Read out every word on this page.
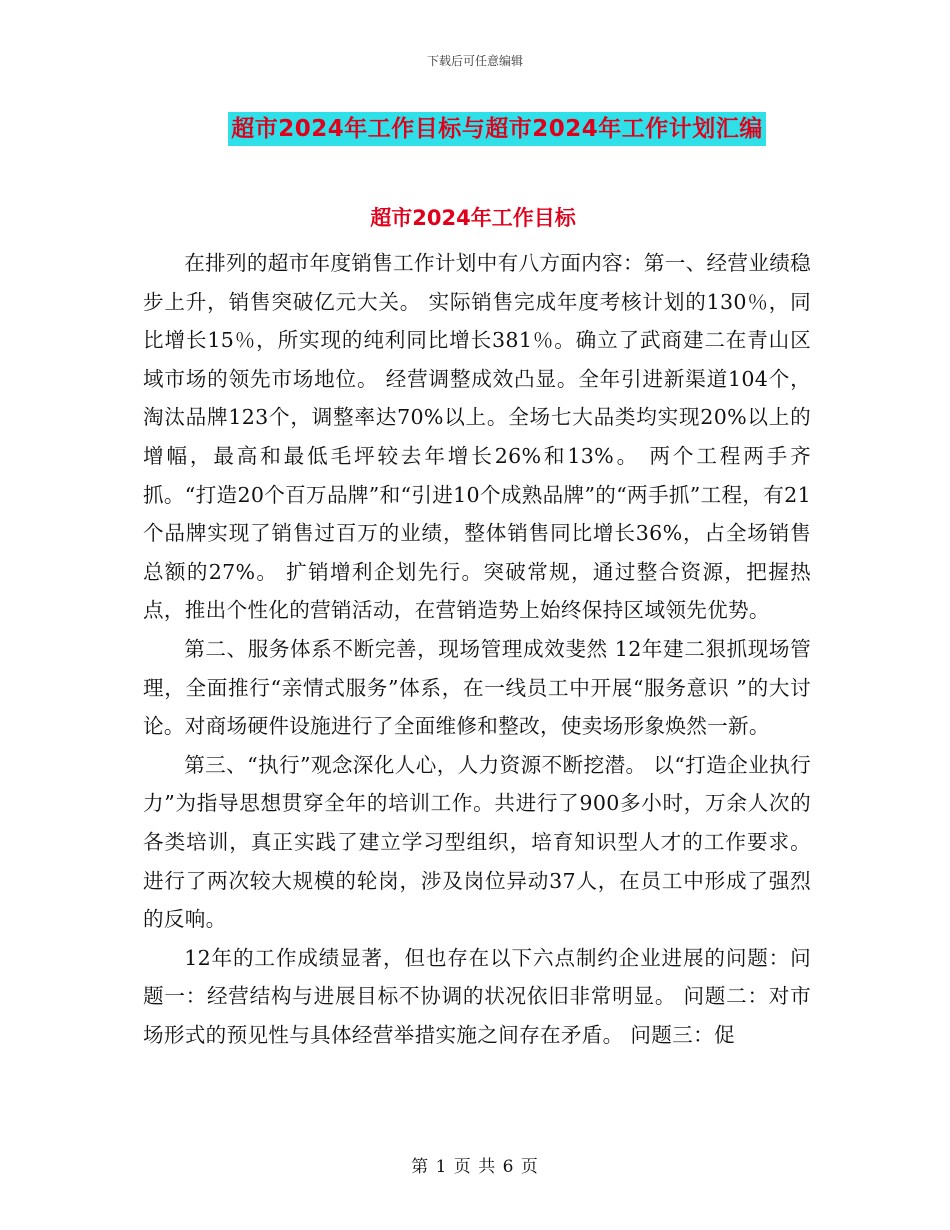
下载后可任意编辑
超市2024年工作目标与超市2024年工作计划汇编
超市2024年工作目标

在排列的超市年度销售工作计划中有八方面内容：第一、经营业绩稳步上升，销售突破亿元大关。 实际销售完成年度考核计划的130％，同比增长15％，所实现的纯利同比增长381％。确立了武商建二在青山区域市场的领先市场地位。 经营调整成效凸显。全年引进新渠道104个，淘汰品牌123个，调整率达70%以上。全场七大品类均实现20%以上的增幅，最高和最低毛坪较去年增长26%和13%。 两个工程两手齐抓。“打造20个百万品牌”和“引进10个成熟品牌”的“两手抓”工程，有21个品牌实现了销售过百万的业绩，整体销售同比增长36%，占全场销售总额的27%。 扩销增利企划先行。突破常规，通过整合资源，把握热点，推出个性化的营销活动，在营销造势上始终保持区域领先优势。

第二、服务体系不断完善，现场管理成效斐然 12年建二狠抓现场管理，全面推行“亲情式服务”体系，在一线员工中开展“服务意识 ”的大讨论。对商场硬件设施进行了全面维修和整改，使卖场形象焕然一新。

第三、“执行”观念深化人心，人力资源不断挖潜。 以“打造企业执行力”为指导思想贯穿全年的培训工作。共进行了900多小时，万余人次的各类培训，真正实践了建立学习型组织，培育知识型人才的工作要求。进行了两次较大规模的轮岗，涉及岗位异动37人，在员工中形成了强烈的反响。

12年的工作成绩显著，但也存在以下六点制约企业进展的问题：问题一：经营结构与进展目标不协调的状况依旧非常明显。 问题二：对市场形式的预见性与具体经营举措实施之间存在矛盾。 问题三：促

第 1 页 共 6 页
